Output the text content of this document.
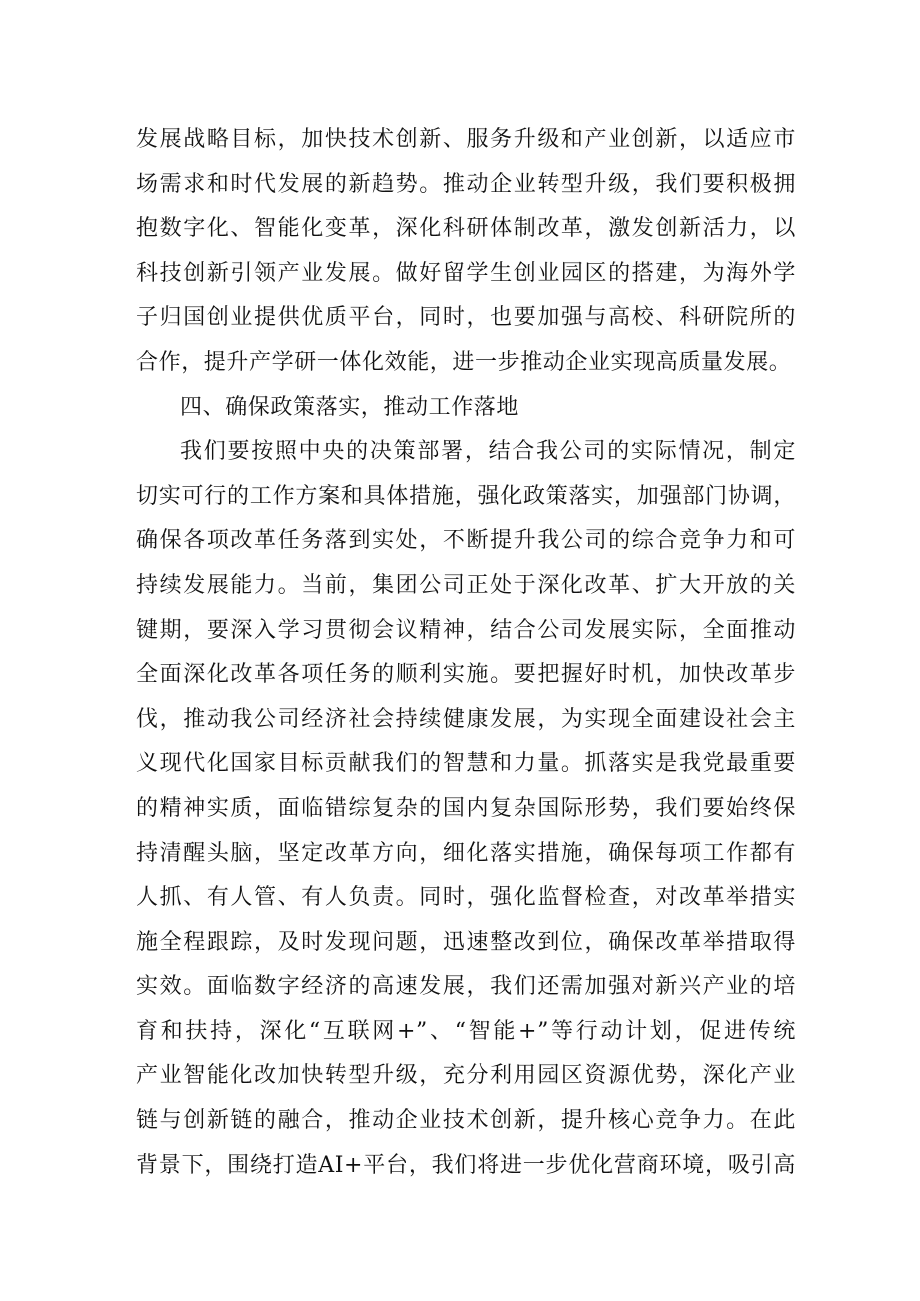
发展战略目标，加快技术创新、服务升级和产业创新，以适应市
场需求和时代发展的新趋势。推动企业转型升级，我们要积极拥
抱数字化、智能化变革，深化科研体制改革，激发创新活力，以
科技创新引领产业发展。做好留学生创业园区的搭建，为海外学
子归国创业提供优质平台，同时，也要加强与高校、科研院所的
合作，提升产学研一体化效能，进一步推动企业实现高质量发展。
四、确保政策落实，推动工作落地
我们要按照中央的决策部署，结合我公司的实际情况，制定
切实可行的工作方案和具体措施，强化政策落实，加强部门协调，
确保各项改革任务落到实处，不断提升我公司的综合竞争力和可
持续发展能力。当前，集团公司正处于深化改革、扩大开放的关
键期，要深入学习贯彻会议精神，结合公司发展实际，全面推动
全面深化改革各项任务的顺利实施。要把握好时机，加快改革步
伐，推动我公司经济社会持续健康发展，为实现全面建设社会主
义现代化国家目标贡献我们的智慧和力量。抓落实是我党最重要
的精神实质，面临错综复杂的国内复杂国际形势，我们要始终保
持清醒头脑，坚定改革方向，细化落实措施，确保每项工作都有
人抓、有人管、有人负责。同时，强化监督检查，对改革举措实
施全程跟踪，及时发现问题，迅速整改到位，确保改革举措取得
实效。面临数字经济的高速发展，我们还需加强对新兴产业的培
育和扶持，深化“互联网+”、“智能+”等行动计划，促进传统
产业智能化改加快转型升级，充分利用园区资源优势，深化产业
链与创新链的融合，推动企业技术创新，提升核心竞争力。在此
背景下，围绕打造AI+平台，我们将进一步优化营商环境，吸引高
